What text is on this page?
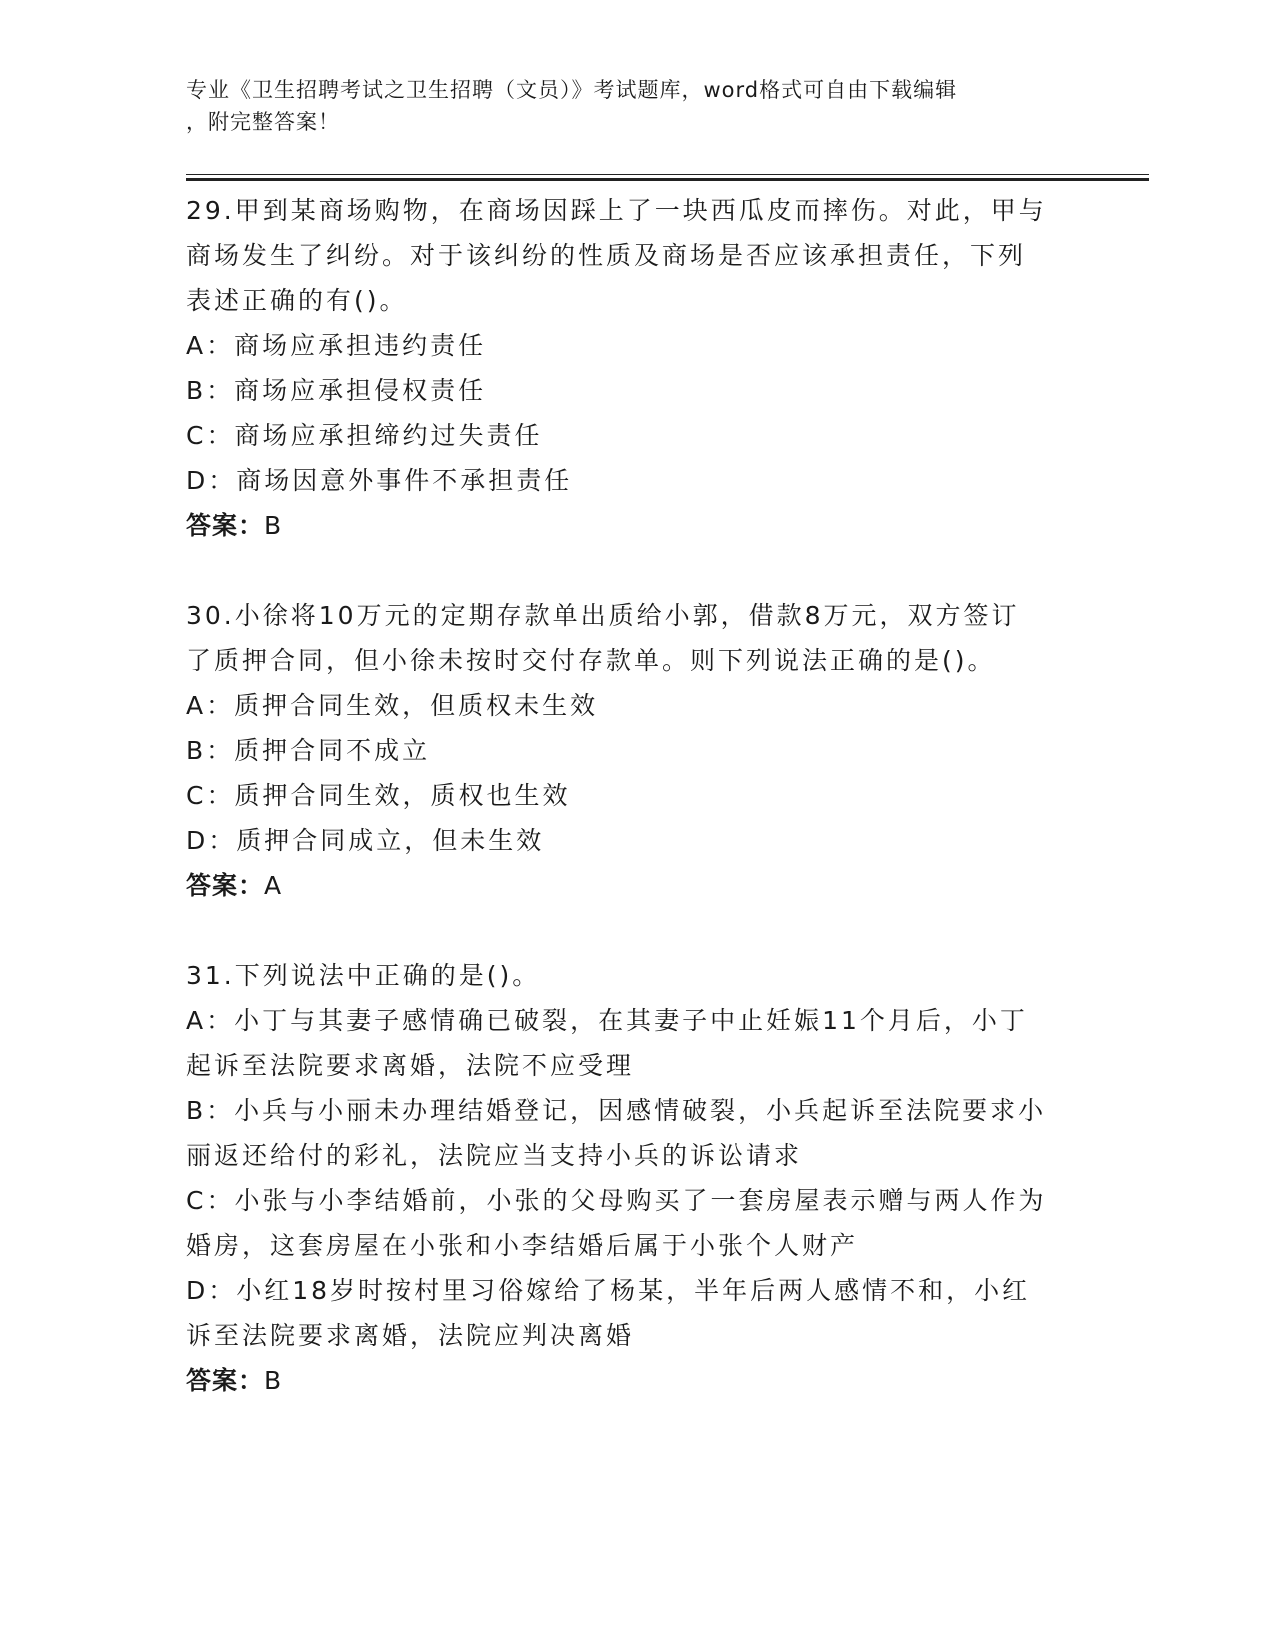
专业《卫生招聘考试之卫生招聘（文员）》考试题库，word格式可自由下载编辑
，附完整答案！
29.甲到某商场购物，在商场因踩上了一块西瓜皮而摔伤。对此，甲与
商场发生了纠纷。对于该纠纷的性质及商场是否应该承担责任，下列
表述正确的有()。
A：商场应承担违约责任
B：商场应承担侵权责任
C：商场应承担缔约过失责任
D：商场因意外事件不承担责任
答案：B
30.小徐将10万元的定期存款单出质给小郭，借款8万元，双方签订
了质押合同，但小徐未按时交付存款单。则下列说法正确的是()。
A：质押合同生效，但质权未生效
B：质押合同不成立
C：质押合同生效，质权也生效
D：质押合同成立，但未生效
答案：A
31.下列说法中正确的是()。
A：小丁与其妻子感情确已破裂，在其妻子中止妊娠11个月后，小丁
起诉至法院要求离婚，法院不应受理
B：小兵与小丽未办理结婚登记，因感情破裂，小兵起诉至法院要求小
丽返还给付的彩礼，法院应当支持小兵的诉讼请求
C：小张与小李结婚前，小张的父母购买了一套房屋表示赠与两人作为
婚房，这套房屋在小张和小李结婚后属于小张个人财产
D：小红18岁时按村里习俗嫁给了杨某，半年后两人感情不和，小红
诉至法院要求离婚，法院应判决离婚
答案：B
